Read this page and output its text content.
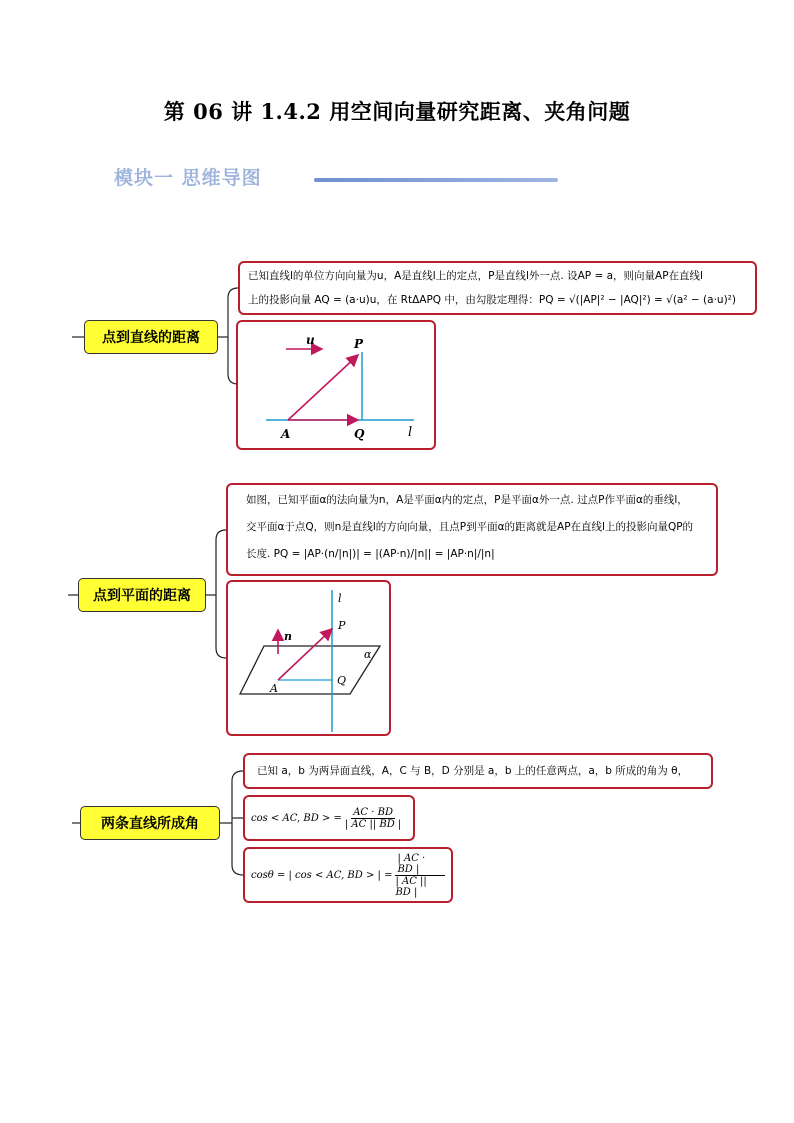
第 06 讲 1.4.2 用空间向量研究距离、夹角问题
模块一 思维导图
点到直线的距离
已知直线l的单位方向向量为u，A是直线l上的定点，P是直线l外一点. 设AP = a，则向量AP在直线l
上的投影向量 AQ = (a·u)u，在 RtΔAPQ 中，由勾股定理得：PQ = √(|AP|² − |AQ|²) = √(a² − (a·u)²)
u	P
A	Q	l
点到平面的距离
如图，已知平面α的法向量为n，A是平面α内的定点，P是平面α外一点. 过点P作平面α的垂线l，
交平面α于点Q，则n是直线l的方向向量，且点P到平面α的距离就是AP在直线l上的投影向量QP的
长度. PQ = |AP·(n/|n|)| = |(AP·n)/|n|| = |AP·n|/|n|
l
n
P
α
A
Q
两条直线所成角
已知 a，b 为两异面直线，A，C 与 B，D 分别是 a，b 上的任意两点，a，b 所成的角为 θ，
cos < AC, BD > = $\frac{AC \cdot BD}{| AC || BD |}$
cosθ = | cos < AC, BD > | = $\frac{| AC \cdot BD |}{| AC || BD |}$
